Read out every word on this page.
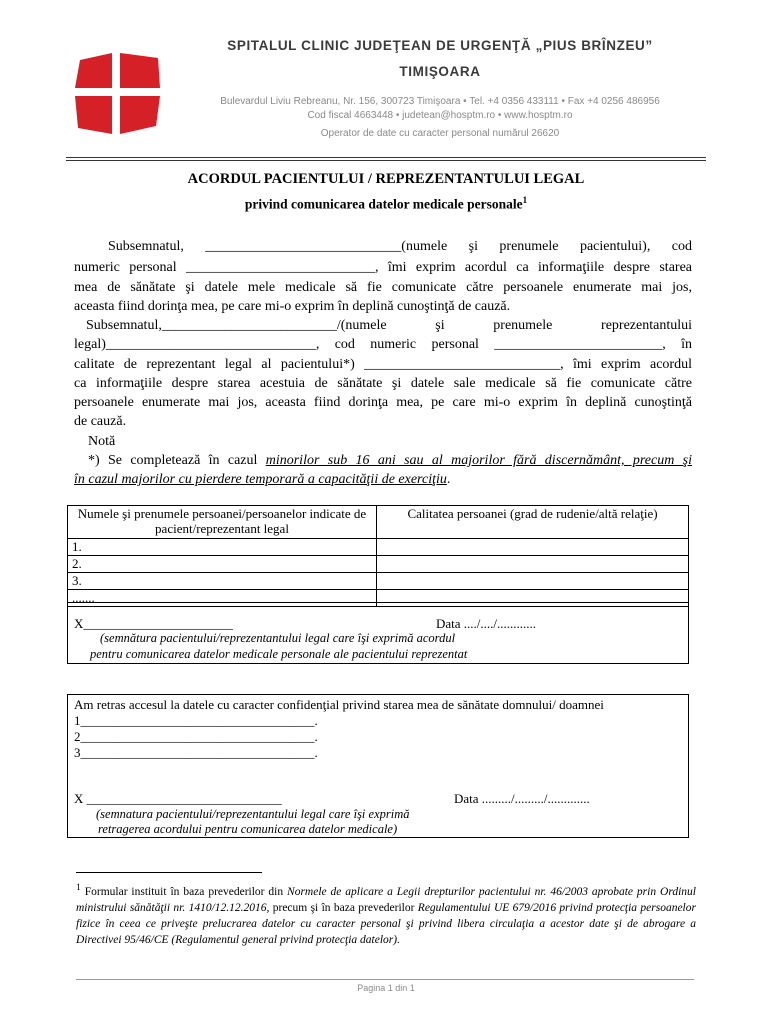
SPITALUL CLINIC JUDEŢEAN DE URGENŢĂ „PIUS BRÎNZEU”
TIMIŞOARA
Bulevardul Liviu Rebreanu, Nr. 156, 300723 Timişoara • Tel. +4 0356 433111 • Fax +4 0256 486956
Cod fiscal 4663448 • judetean@hosptm.ro • www.hosptm.ro
Operator de date cu caracter personal numărul 26620
ACORDUL PACIENTULUI / REPREZENTANTULUI LEGAL
privind comunicarea datelor medicale personale$^1$
Subsemnatul, ____________________________(numele şi prenumele pacientului), cod
numeric personal ___________________________, îmi exprim acordul ca informaţiile despre starea
mea de sănătate şi datele mele medicale să fie comunicate către persoanele enumerate mai jos,
aceasta fiind dorinţa mea, pe care mi-o exprim în deplină cunoştinţă de cauză.
Subsemnatul,_________________________/(numele şi prenumele reprezentantului
legal)______________________________, cod numeric personal ________________________, în
calitate de reprezentant legal al pacientului*) ____________________________, îmi exprim acordul
ca informaţiile despre starea acestuia de sănătate şi datele sale medicale să fie comunicate către
persoanele enumerate mai jos, aceasta fiind dorinţa mea, pe care mi-o exprim în deplină cunoştinţă
de cauză.
Notă
*) Se completează în cazul minorilor sub 16 ani sau al majorilor fără discernământ, precum şi
în cazul majorilor cu pierdere temporară a capacităţii de exerciţiu.
Numele şi prenumele persoanei/persoanelor indicate de pacient/reprezentant legal	Calitatea persoanei (grad de rudenie/altă relaţie)
1.	
2.	
3.	
.......	
X_______________________	Data ..../..../............
(semnătura pacientului/reprezentantului legal care îşi exprimă acordul
pentru comunicarea datelor medicale personale ale pacientului reprezentat
Am retras accesul la datele cu caracter confidenţial privind starea mea de sănătate domnului/ doamnei
1____________________________________.
2____________________________________.
3____________________________________.
X ______________________________	Data ........./........./.............
(semnatura pacientului/reprezentantului legal care îşi exprimă
retragerea acordului pentru comunicarea datelor medicale)
$^1$ Formular instituit în baza prevederilor din Normele de aplicare a Legii drepturilor pacientului nr. 46/2003 aprobate prin Ordinul ministrului sănătăţii nr. 1410/12.12.2016, precum şi în baza prevederilor Regulamentului UE 679/2016 privind protecţia persoanelor fizice în ceea ce priveşte prelucrarea datelor cu caracter personal şi privind libera circulaţia a acestor date şi de abrogare a Directivei 95/46/CE (Regulamentul general privind protecţia datelor).
Pagina 1 din 1
